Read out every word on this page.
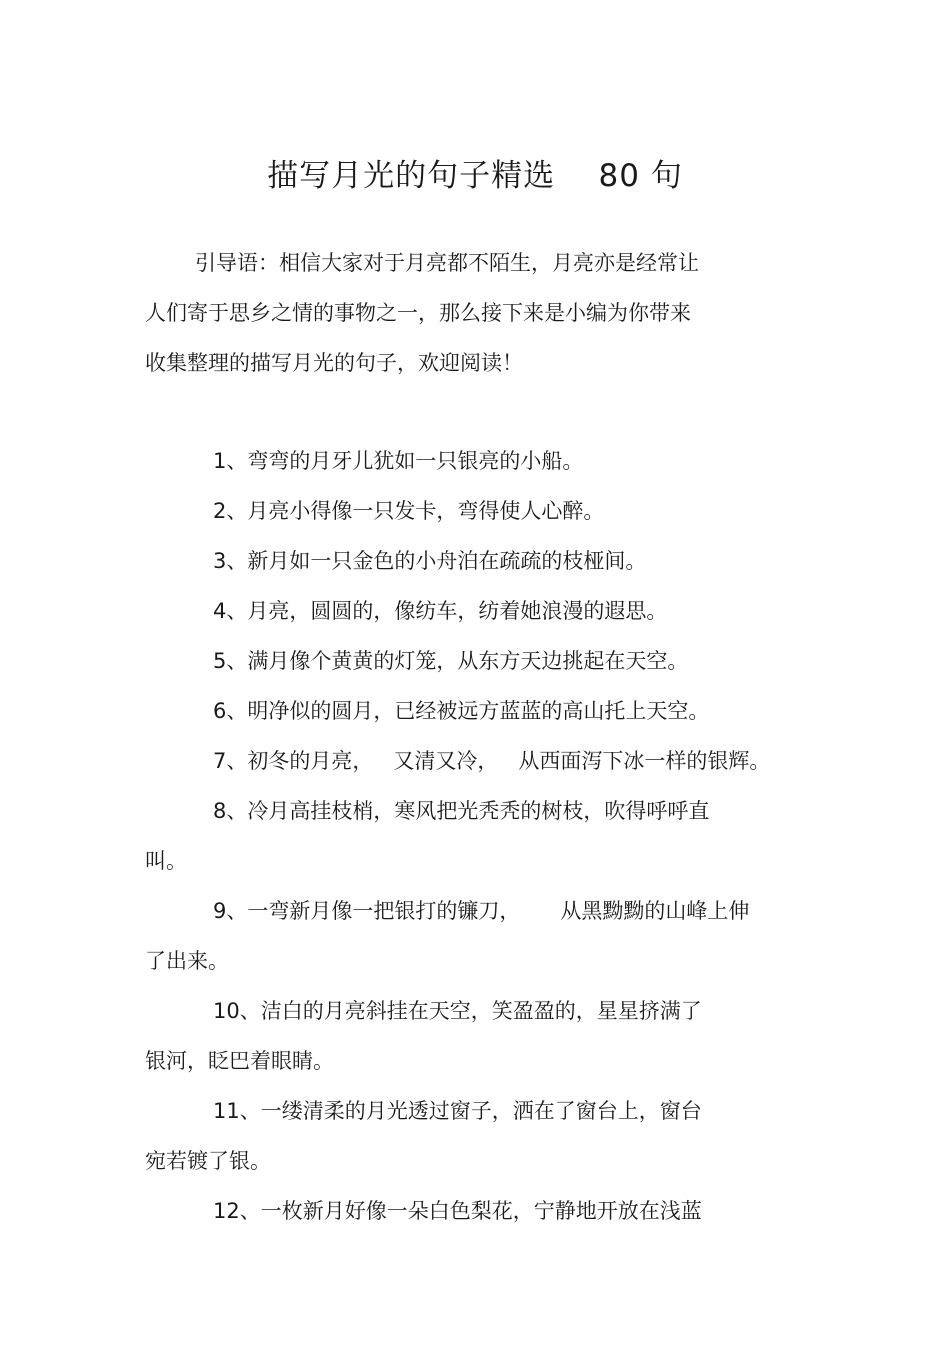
描写月光的句子精选    80 句
引导语：相信大家对于月亮都不陌生，月亮亦是经常让
人们寄于思乡之情的事物之一，那么接下来是小编为你带来
收集整理的描写月光的句子，欢迎阅读！
1、弯弯的月牙儿犹如一只银亮的小船。
2、月亮小得像一只发卡，弯得使人心醉。
3、新月如一只金色的小舟泊在疏疏的枝桠间。
4、月亮，圆圆的，像纺车，纺着她浪漫的遐思。
5、满月像个黄黄的灯笼，从东方天边挑起在天空。
6、明净似的圆月，已经被远方蓝蓝的高山托上天空。
7、初冬的月亮，   又清又冷，   从西面泻下冰一样的银辉。
8、冷月高挂枝梢，寒风把光秃秃的树枝，吹得呼呼直
叫。
9、一弯新月像一把银打的镰刀，      从黑黝黝的山峰上伸
了出来。
10、洁白的月亮斜挂在天空，笑盈盈的，星星挤满了
银河，眨巴着眼睛。
11、一缕清柔的月光透过窗子，洒在了窗台上，窗台
宛若镀了银。
12、一枚新月好像一朵白色梨花，宁静地开放在浅蓝
